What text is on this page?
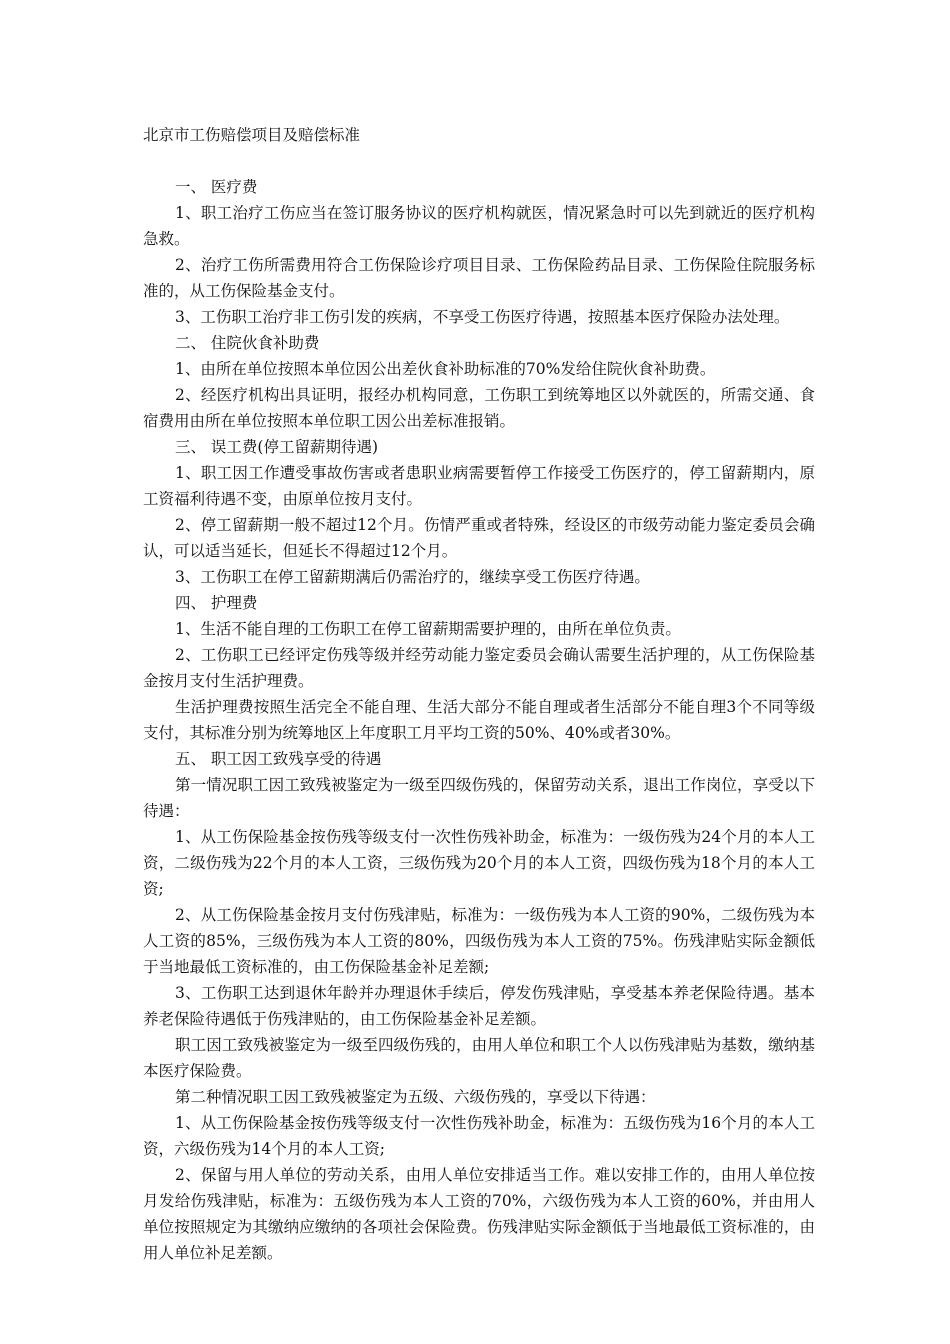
北京市工伤赔偿项目及赔偿标准

一、 医疗费

1、职工治疗工伤应当在签订服务协议的医疗机构就医，情况紧急时可以先到就近的医疗机构急救。

2、治疗工伤所需费用符合工伤保险诊疗项目目录、工伤保险药品目录、工伤保险住院服务标准的，从工伤保险基金支付。

3、工伤职工治疗非工伤引发的疾病，不享受工伤医疗待遇，按照基本医疗保险办法处理。

二、 住院伙食补助费

1、由所在单位按照本单位因公出差伙食补助标准的70%发给住院伙食补助费。

2、经医疗机构出具证明，报经办机构同意，工伤职工到统筹地区以外就医的，所需交通、食宿费用由所在单位按照本单位职工因公出差标准报销。

三、 误工费(停工留薪期待遇)

1、职工因工作遭受事故伤害或者患职业病需要暂停工作接受工伤医疗的，停工留薪期内，原工资福利待遇不变，由原单位按月支付。

2、停工留薪期一般不超过12个月。伤情严重或者特殊，经设区的市级劳动能力鉴定委员会确认，可以适当延长，但延长不得超过12个月。

3、工伤职工在停工留薪期满后仍需治疗的，继续享受工伤医疗待遇。

四、 护理费

1、生活不能自理的工伤职工在停工留薪期需要护理的，由所在单位负责。

2、工伤职工已经评定伤残等级并经劳动能力鉴定委员会确认需要生活护理的，从工伤保险基金按月支付生活护理费。

生活护理费按照生活完全不能自理、生活大部分不能自理或者生活部分不能自理3个不同等级支付，其标准分别为统筹地区上年度职工月平均工资的50%、40%或者30%。

五、 职工因工致残享受的待遇

第一情况职工因工致残被鉴定为一级至四级伤残的，保留劳动关系，退出工作岗位，享受以下待遇：

1、从工伤保险基金按伤残等级支付一次性伤残补助金，标准为：一级伤残为24个月的本人工资，二级伤残为22个月的本人工资，三级伤残为20个月的本人工资，四级伤残为18个月的本人工资;

2、从工伤保险基金按月支付伤残津贴，标准为：一级伤残为本人工资的90%，二级伤残为本人工资的85%，三级伤残为本人工资的80%，四级伤残为本人工资的75%。伤残津贴实际金额低于当地最低工资标准的，由工伤保险基金补足差额;

3、工伤职工达到退休年龄并办理退休手续后，停发伤残津贴，享受基本养老保险待遇。基本养老保险待遇低于伤残津贴的，由工伤保险基金补足差额。

职工因工致残被鉴定为一级至四级伤残的，由用人单位和职工个人以伤残津贴为基数，缴纳基本医疗保险费。

第二种情况职工因工致残被鉴定为五级、六级伤残的，享受以下待遇：

1、从工伤保险基金按伤残等级支付一次性伤残补助金，标准为：五级伤残为16个月的本人工资，六级伤残为14个月的本人工资;

2、保留与用人单位的劳动关系，由用人单位安排适当工作。难以安排工作的，由用人单位按月发给伤残津贴，标准为：五级伤残为本人工资的70%，六级伤残为本人工资的60%，并由用人单位按照规定为其缴纳应缴纳的各项社会保险费。伤残津贴实际金额低于当地最低工资标准的，由用人单位补足差额。
